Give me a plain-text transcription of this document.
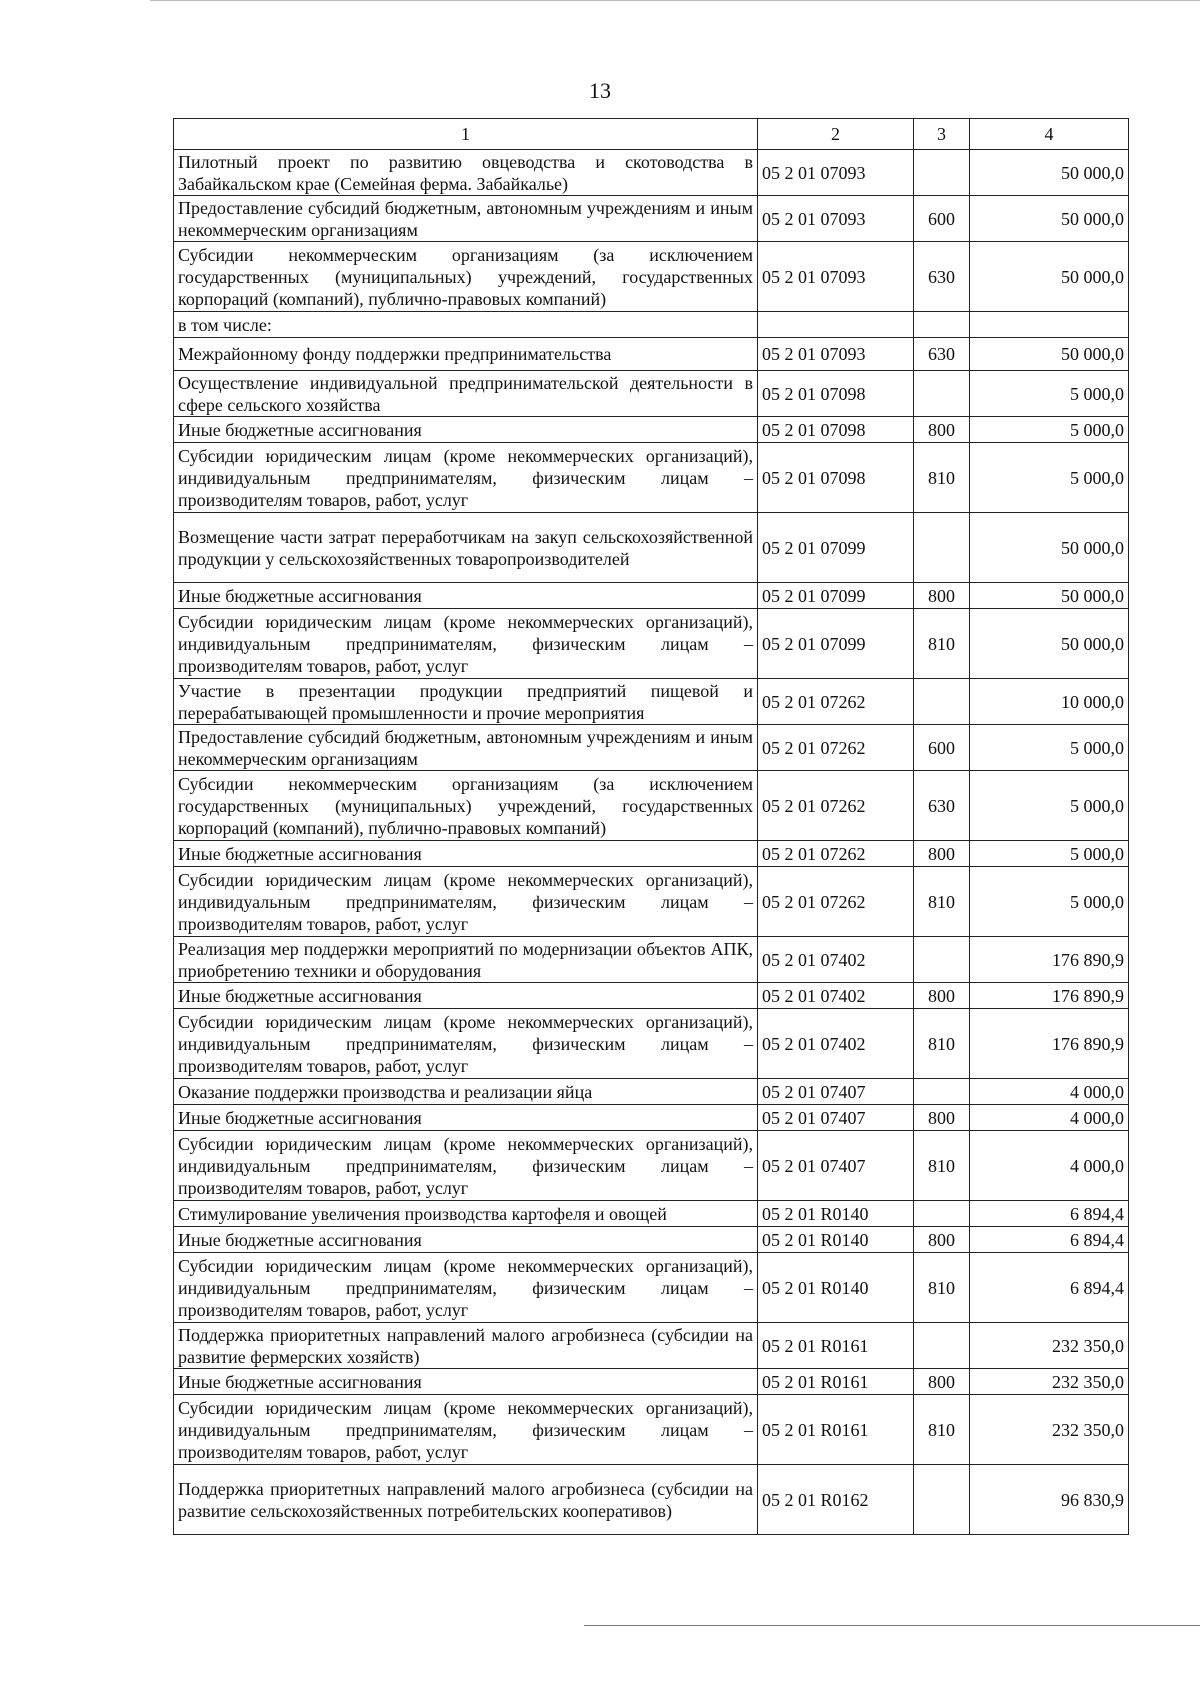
13
1	2	3	4
Пилотный проект по развитию овцеводства и скотоводства в Забайкальском крае (Семейная ферма. Забайкалье)	05 2 01 07093		50 000,0
Предоставление субсидий бюджетным, автономным учреждениям и иным некоммерческим организациям	05 2 01 07093	600	50 000,0
Субсидии некоммерческим организациям (за исключением государственных (муниципальных) учреждений, государственных корпораций (компаний), публично-правовых компаний)	05 2 01 07093	630	50 000,0
в том числе:			
Межрайонному фонду поддержки предпринимательства	05 2 01 07093	630	50 000,0
Осуществление индивидуальной предпринимательской деятельности в сфере сельского хозяйства	05 2 01 07098		5 000,0
Иные бюджетные ассигнования	05 2 01 07098	800	5 000,0
Субсидии юридическим лицам (кроме некоммерческих организаций), индивидуальным предпринимателям, физическим лицам – производителям товаров, работ, услуг	05 2 01 07098	810	5 000,0
Возмещение части затрат переработчикам на закуп сельскохозяйственной продукции у сельскохозяйственных товаропроизводителей	05 2 01 07099		50 000,0
Иные бюджетные ассигнования	05 2 01 07099	800	50 000,0
Субсидии юридическим лицам (кроме некоммерческих организаций), индивидуальным предпринимателям, физическим лицам – производителям товаров, работ, услуг	05 2 01 07099	810	50 000,0
Участие в презентации продукции предприятий пищевой и перерабатывающей промышленности и прочие мероприятия	05 2 01 07262		10 000,0
Предоставление субсидий бюджетным, автономным учреждениям и иным некоммерческим организациям	05 2 01 07262	600	5 000,0
Субсидии некоммерческим организациям (за исключением государственных (муниципальных) учреждений, государственных корпораций (компаний), публично-правовых компаний)	05 2 01 07262	630	5 000,0
Иные бюджетные ассигнования	05 2 01 07262	800	5 000,0
Субсидии юридическим лицам (кроме некоммерческих организаций), индивидуальным предпринимателям, физическим лицам – производителям товаров, работ, услуг	05 2 01 07262	810	5 000,0
Реализация мер поддержки мероприятий по модернизации объектов АПК, приобретению техники и оборудования	05 2 01 07402		176 890,9
Иные бюджетные ассигнования	05 2 01 07402	800	176 890,9
Субсидии юридическим лицам (кроме некоммерческих организаций), индивидуальным предпринимателям, физическим лицам – производителям товаров, работ, услуг	05 2 01 07402	810	176 890,9
Оказание поддержки производства и реализации яйца	05 2 01 07407		4 000,0
Иные бюджетные ассигнования	05 2 01 07407	800	4 000,0
Субсидии юридическим лицам (кроме некоммерческих организаций), индивидуальным предпринимателям, физическим лицам – производителям товаров, работ, услуг	05 2 01 07407	810	4 000,0
Стимулирование увеличения производства картофеля и овощей	05 2 01 R0140		6 894,4
Иные бюджетные ассигнования	05 2 01 R0140	800	6 894,4
Субсидии юридическим лицам (кроме некоммерческих организаций), индивидуальным предпринимателям, физическим лицам – производителям товаров, работ, услуг	05 2 01 R0140	810	6 894,4
Поддержка приоритетных направлений малого агробизнеса (субсидии на развитие фермерских хозяйств)	05 2 01 R0161		232 350,0
Иные бюджетные ассигнования	05 2 01 R0161	800	232 350,0
Субсидии юридическим лицам (кроме некоммерческих организаций), индивидуальным предпринимателям, физическим лицам – производителям товаров, работ, услуг	05 2 01 R0161	810	232 350,0
Поддержка приоритетных направлений малого агробизнеса (субсидии на развитие сельскохозяйственных потребительских кооперативов)	05 2 01 R0162		96 830,9
